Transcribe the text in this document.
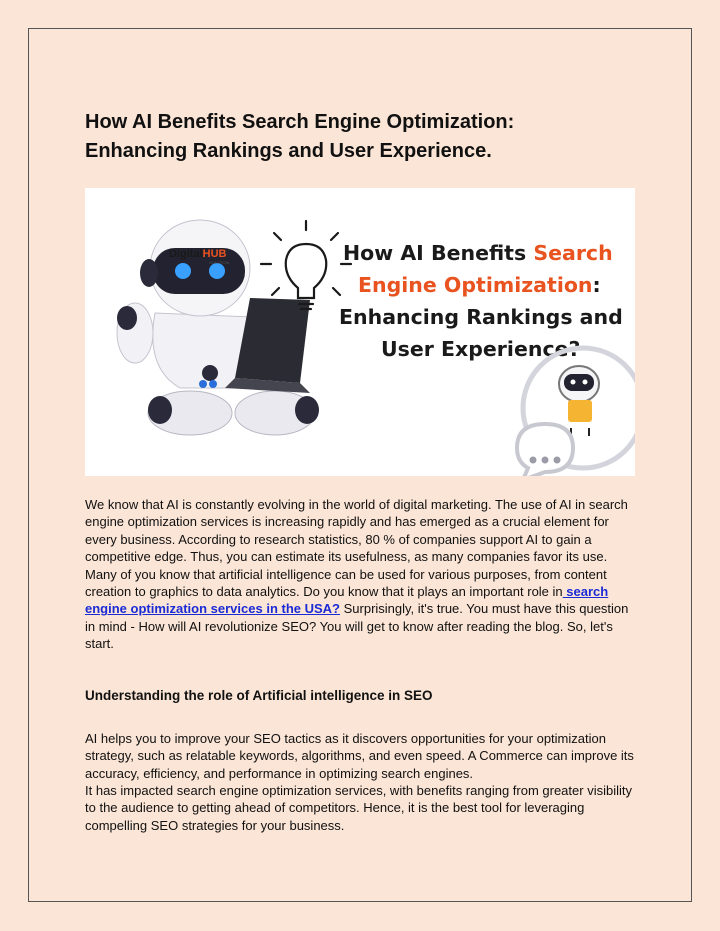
How AI Benefits Search Engine Optimization:
Enhancing Rankings and User Experience.
DigitalHUB
SOLUTION	How AI Benefits Search
Engine Optimization:
Enhancing Rankings and
User Experience?

We know that AI is constantly evolving in the world of digital marketing. The use of AI in search engine optimization services is increasing rapidly and has emerged as a crucial element for every business. According to research statistics, 80 % of companies support AI to gain a competitive edge. Thus, you can estimate its usefulness, as many companies favor its use. Many of you know that artificial intelligence can be used for various purposes, from content creation to graphics to data analytics. Do you know that it plays an important role in search engine optimization services in the USA? Surprisingly, it's true. You must have this question in mind - How will AI revolutionize SEO? You will get to know after reading the blog. So, let's start.

Understanding the role of Artificial intelligence in SEO

AI helps you to improve your SEO tactics as it discovers opportunities for your optimization strategy, such as relatable keywords, algorithms, and even speed. A Commerce can improve its accuracy, efficiency, and performance in optimizing search engines.

It has impacted search engine optimization services, with benefits ranging from greater visibility to the audience to getting ahead of competitors. Hence, it is the best tool for leveraging compelling SEO strategies for your business.
